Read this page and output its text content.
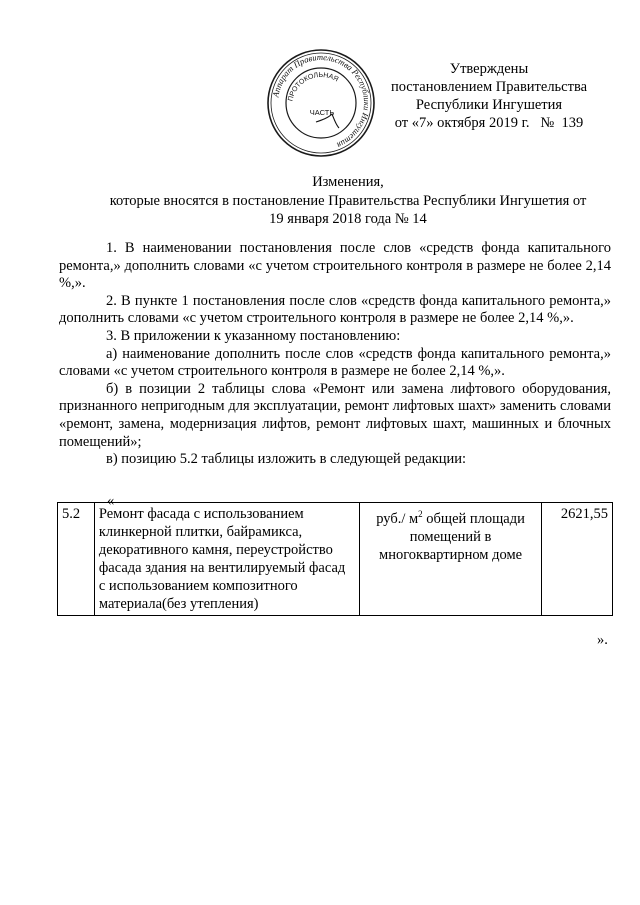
Аппарат Правительства Республики Ингушетия
ПРОТОКОЛЬНАЯ
ЧАСТЬ
Утверждены
постановлением Правительства
Республики Ингушетия
от «7» октября 2019 г.   №  139
Изменения,
которые вносятся в постановление Правительства Республики Ингушетия от
19 января 2018 года № 14

1. В наименовании постановления после слов «средств фонда капитального ремонта,» дополнить словами «с учетом строительного контроля в размере не более 2,14 %,».

2. В пункте 1 постановления после слов «средств фонда капитального ремонта,» дополнить словами «с учетом строительного контроля в размере не более 2,14 %,».

3. В приложении к указанному постановлению:

а) наименование дополнить после слов «средств фонда капитального ремонта,» словами «с учетом строительного контроля в размере не более 2,14 %,».

б) в позиции 2 таблицы слова «Ремонт или замена лифтового оборудования, признанного непригодным для эксплуатации, ремонт лифтовых шахт» заменить словами «ремонт, замена, модернизация лифтов, ремонт лифтовых шахт, машинных и блочных помещений»;

в) позицию 5.2 таблицы изложить в следующей редакции:

«
5.2	Ремонт фасада с использованием клинкерной плитки, байрамикса, декоративного камня, переустройство фасада здания на вентилируемый фасад с использованием композитного материала(без утепления)	руб./ $м^2$ общей площади помещений в многоквартирном доме	2621,55
».
